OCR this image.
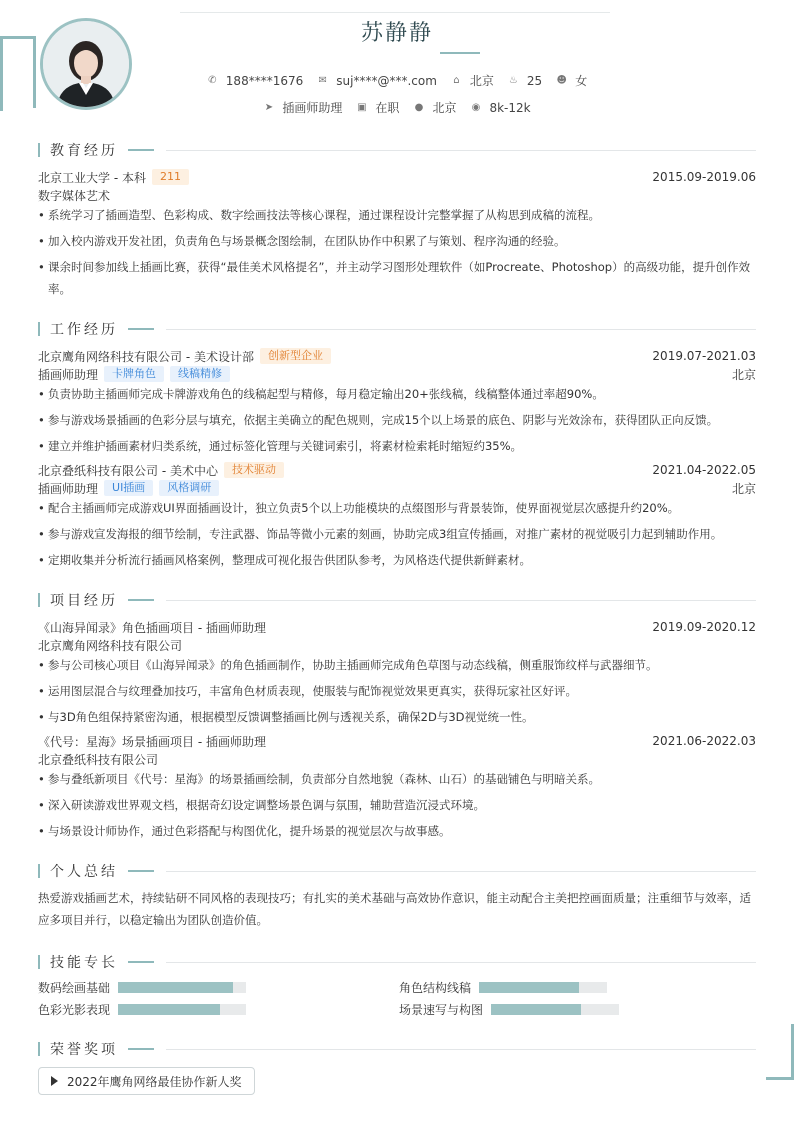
苏静静
✆ 188****1676 ✉ suj****@***.com ⌂ 北京 ♨ 25 ☻ 女
➤ 插画师助理 ▣ 在职 ● 北京 ◉ 8k-12k
教育经历
北京工业大学 - 本科	211	2015.09-2019.06
数字媒体艺术
• 系统学习了插画造型、色彩构成、数字绘画技法等核心课程，通过课程设计完整掌握了从构思到成稿的流程。
• 加入校内游戏开发社团，负责角色与场景概念图绘制，在团队协作中积累了与策划、程序沟通的经验。
• 课余时间参加线上插画比赛，获得“最佳美术风格提名”，并主动学习图形处理软件（如Procreate、Photoshop）的高级功能，提升创作效率。
工作经历
北京鹰角网络科技有限公司 - 美术设计部	创新型企业	2019.07-2021.03
插画师助理	卡牌角色	线稿精修	北京
• 负责协助主插画师完成卡牌游戏角色的线稿起型与精修，每月稳定输出20+张线稿，线稿整体通过率超90%。
• 参与游戏场景插画的色彩分层与填充，依据主美确立的配色规则，完成15个以上场景的底色、阴影与光效涂布，获得团队正向反馈。
• 建立并维护插画素材归类系统，通过标签化管理与关键词索引，将素材检索耗时缩短约35%。
北京叠纸科技有限公司 - 美术中心	技术驱动	2021.04-2022.05
插画师助理	UI插画	风格调研	北京
• 配合主插画师完成游戏UI界面插画设计，独立负责5个以上功能模块的点缀图形与背景装饰，使界面视觉层次感提升约20%。
• 参与游戏宣发海报的细节绘制，专注武器、饰品等微小元素的刻画，协助完成3组宣传插画，对推广素材的视觉吸引力起到辅助作用。
• 定期收集并分析流行插画风格案例，整理成可视化报告供团队参考，为风格迭代提供新鲜素材。
项目经历
《山海异闻录》角色插画项目 - 插画师助理	2019.09-2020.12
北京鹰角网络科技有限公司
• 参与公司核心项目《山海异闻录》的角色插画制作，协助主插画师完成角色草图与动态线稿，侧重服饰纹样与武器细节。
• 运用图层混合与纹理叠加技巧，丰富角色材质表现，使服装与配饰视觉效果更真实，获得玩家社区好评。
• 与3D角色组保持紧密沟通，根据模型反馈调整插画比例与透视关系，确保2D与3D视觉统一性。
《代号：星海》场景插画项目 - 插画师助理	2021.06-2022.03
北京叠纸科技有限公司
• 参与叠纸新项目《代号：星海》的场景插画绘制，负责部分自然地貌（森林、山石）的基础铺色与明暗关系。
• 深入研读游戏世界观文档，根据奇幻设定调整场景色调与氛围，辅助营造沉浸式环境。
• 与场景设计师协作，通过色彩搭配与构图优化，提升场景的视觉层次与故事感。
个人总结
热爱游戏插画艺术，持续钻研不同风格的表现技巧；有扎实的美术基础与高效协作意识，能主动配合主美把控画面质量；注重细节与效率，适应多项目并行，以稳定输出为团队创造价值。
技能专长
数码绘画基础	角色结构线稿
色彩光影表现	场景速写与构图
荣誉奖项
2022年鹰角网络最佳协作新人奖
